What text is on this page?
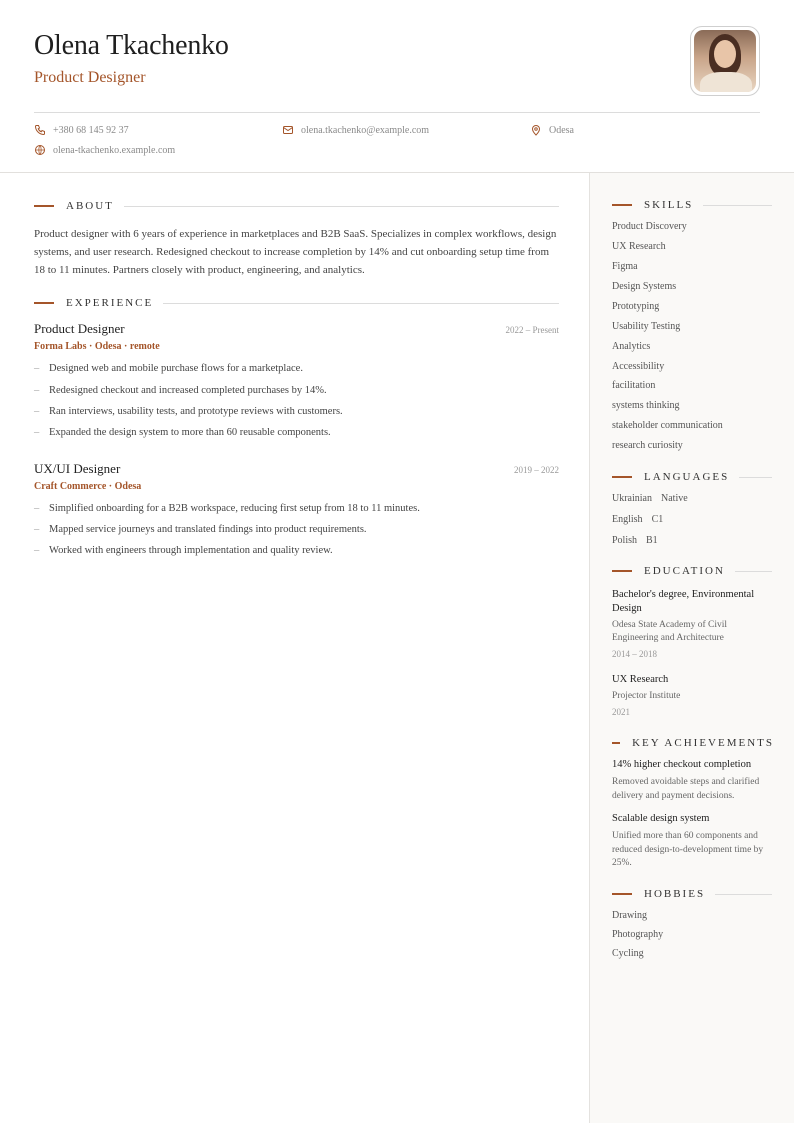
Olena Tkachenko
Product Designer
+380 68 145 92 37	olena.tkachenko@example.com	Odesa
olena-tkachenko.example.com
ABOUT

Product designer with 6 years of experience in marketplaces and B2B SaaS. Specializes in complex workflows, design systems, and user research. Redesigned checkout to increase completion by 14% and cut onboarding setup time from 18 to 11 minutes. Partners closely with product, engineering, and analytics.

EXPERIENCE
Product Designer	2022 – Present
Forma Labs · Odesa · remote
– Designed web and mobile purchase flows for a marketplace.
– Redesigned checkout and increased completed purchases by 14%.
– Ran interviews, usability tests, and prototype reviews with customers.
– Expanded the design system to more than 60 reusable components.
UX/UI Designer	2019 – 2022
Craft Commerce · Odesa
– Simplified onboarding for a B2B workspace, reducing first setup from 18 to 11 minutes.
– Mapped service journeys and translated findings into product requirements.
– Worked with engineers through implementation and quality review.
SKILLS
Product Discovery
UX Research
Figma
Design Systems
Prototyping
Usability Testing
Analytics
Accessibility
facilitation
systems thinking
stakeholder communication
research curiosity
LANGUAGES
Ukrainian Native
English C1
Polish B1
EDUCATION
Bachelor's degree, Environmental Design
Odesa State Academy of Civil Engineering and Architecture
2014 – 2018
UX Research
Projector Institute
2021
KEY ACHIEVEMENTS
14% higher checkout completion
Removed avoidable steps and clarified delivery and payment decisions.
Scalable design system
Unified more than 60 components and reduced design-to-development time by 25%.
HOBBIES
Drawing
Photography
Cycling
